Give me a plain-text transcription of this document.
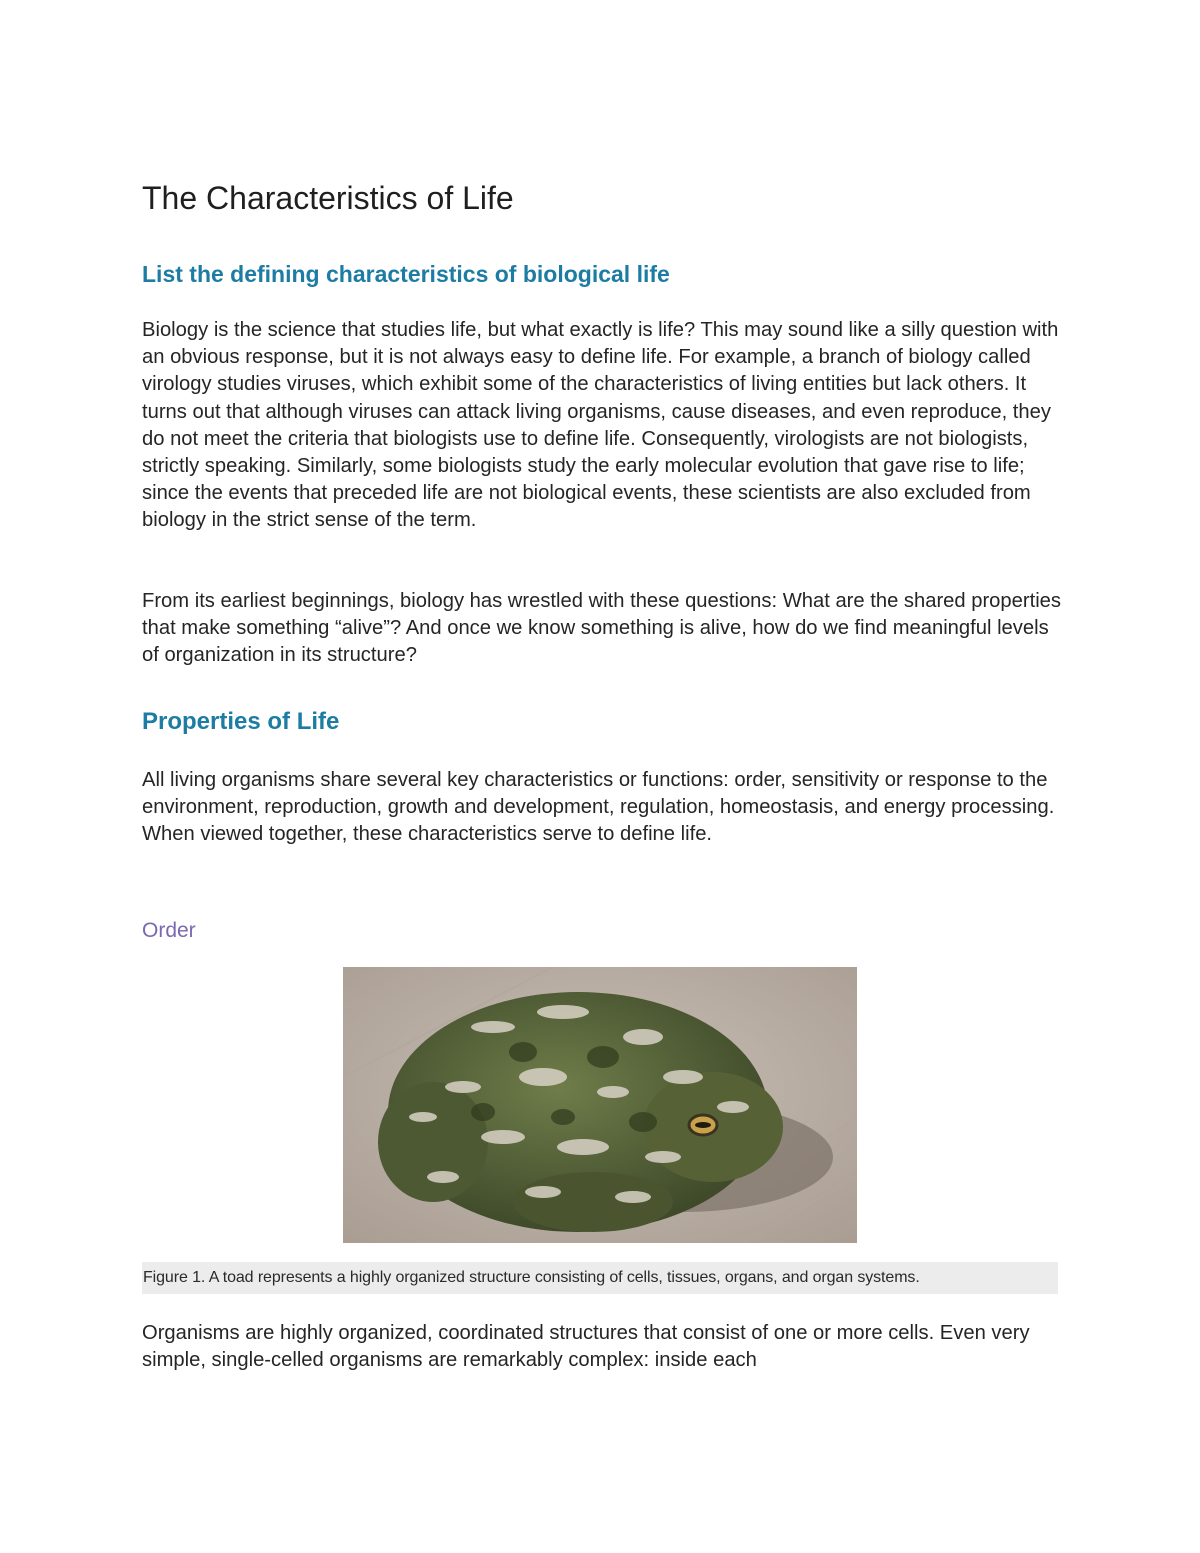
The Characteristics of Life
List the defining characteristics of biological life

Biology is the science that studies life, but what exactly is life? This may sound like a silly question with an obvious response, but it is not always easy to define life. For example, a branch of biology called virology studies viruses, which exhibit some of the characteristics of living entities but lack others. It turns out that although viruses can attack living organisms, cause diseases, and even reproduce, they do not meet the criteria that biologists use to define life. Consequently, virologists are not biologists, strictly speaking. Similarly, some biologists study the early molecular evolution that gave rise to life; since the events that preceded life are not biological events, these scientists are also excluded from biology in the strict sense of the term.

From its earliest beginnings, biology has wrestled with these questions: What are the shared properties that make something “alive”? And once we know something is alive, how do we find meaningful levels of organization in its structure?

Properties of Life

All living organisms share several key characteristics or functions: order, sensitivity or response to the environment, reproduction, growth and development, regulation, homeostasis, and energy processing. When viewed together, these characteristics serve to define life.

Order
Figure 1. A toad represents a highly organized structure consisting of cells, tissues, organs, and organ systems.

Organisms are highly organized, coordinated structures that consist of one or more cells. Even very simple, single-celled organisms are remarkably complex: inside each
